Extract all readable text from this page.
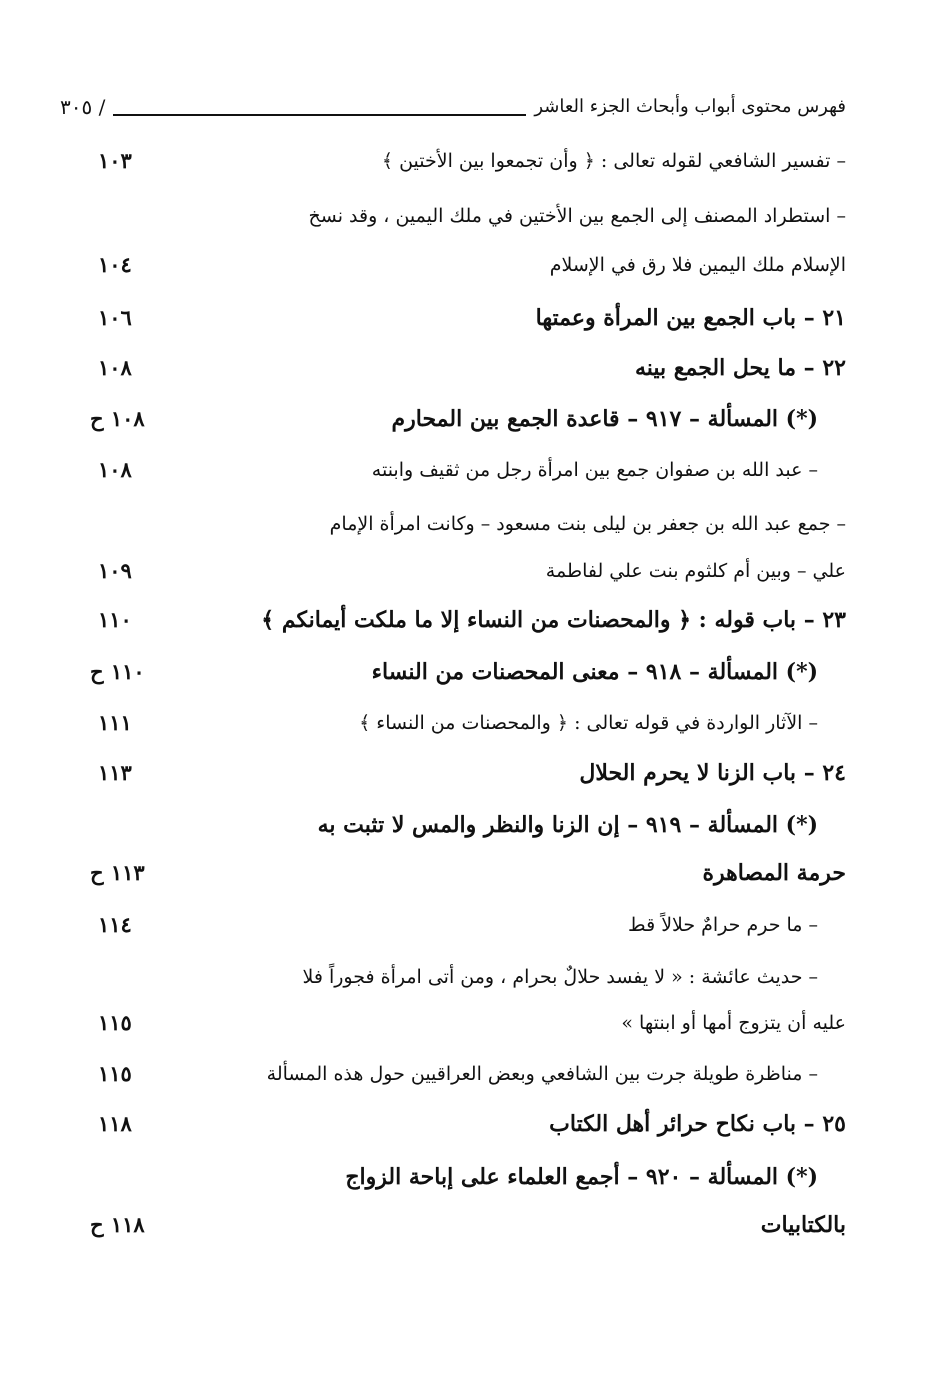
فهرس محتوى أبواب وأبحاث الجزء العاشر
٣٠٥ /
– تفسير الشافعي لقوله تعالى : ﴿ وأن تجمعوا بين الأختين ﴾
١٠٣
– استطراد المصنف إلى الجمع بين الأختين في ملك اليمين ، وقد نسخ
الإسلام ملك اليمين فلا رق في الإسلام
١٠٤
٢١ – باب الجمع بين المرأة وعمتها
١٠٦
٢٢ – ما يحل الجمع بينه
١٠٨
(*) المسألة – ٩١٧ – قاعدة الجمع بين المحارم
١٠٨ ح
– عبد الله بن صفوان جمع بين امرأة رجل من ثقيف وابنته
١٠٨
– جمع عبد الله بن جعفر بن ليلى بنت مسعود – وكانت امرأة الإمام
علي – وبين أم كلثوم بنت علي لفاطمة
١٠٩
٢٣ – باب قوله : ﴿ والمحصنات من النساء إلا ما ملكت أيمانكم ﴾
١١٠
(*) المسألة – ٩١٨ – معنى المحصنات من النساء
١١٠ ح
– الآثار الواردة في قوله تعالى : ﴿ والمحصنات من النساء ﴾
١١١
٢٤ – باب الزنا لا يحرم الحلال
١١٣
(*) المسألة – ٩١٩ – إن الزنا والنظر والمس لا تثبت به
حرمة المصاهرة
١١٣ ح
– ما حرم حرامٌ حلالاً قط
١١٤
– حديث عائشة : « لا يفسد حلالٌ بحرام ، ومن أتى امرأة فجوراً فلا
عليه أن يتزوج أمها أو ابنتها »
١١٥
– مناظرة طويلة جرت بين الشافعي وبعض العراقيين حول هذه المسألة
١١٥
٢٥ – باب نكاح حرائر أهل الكتاب
١١٨
(*) المسألة – ٩٢٠ – أجمع العلماء على إباحة الزواج
بالكتابيات
١١٨ ح
